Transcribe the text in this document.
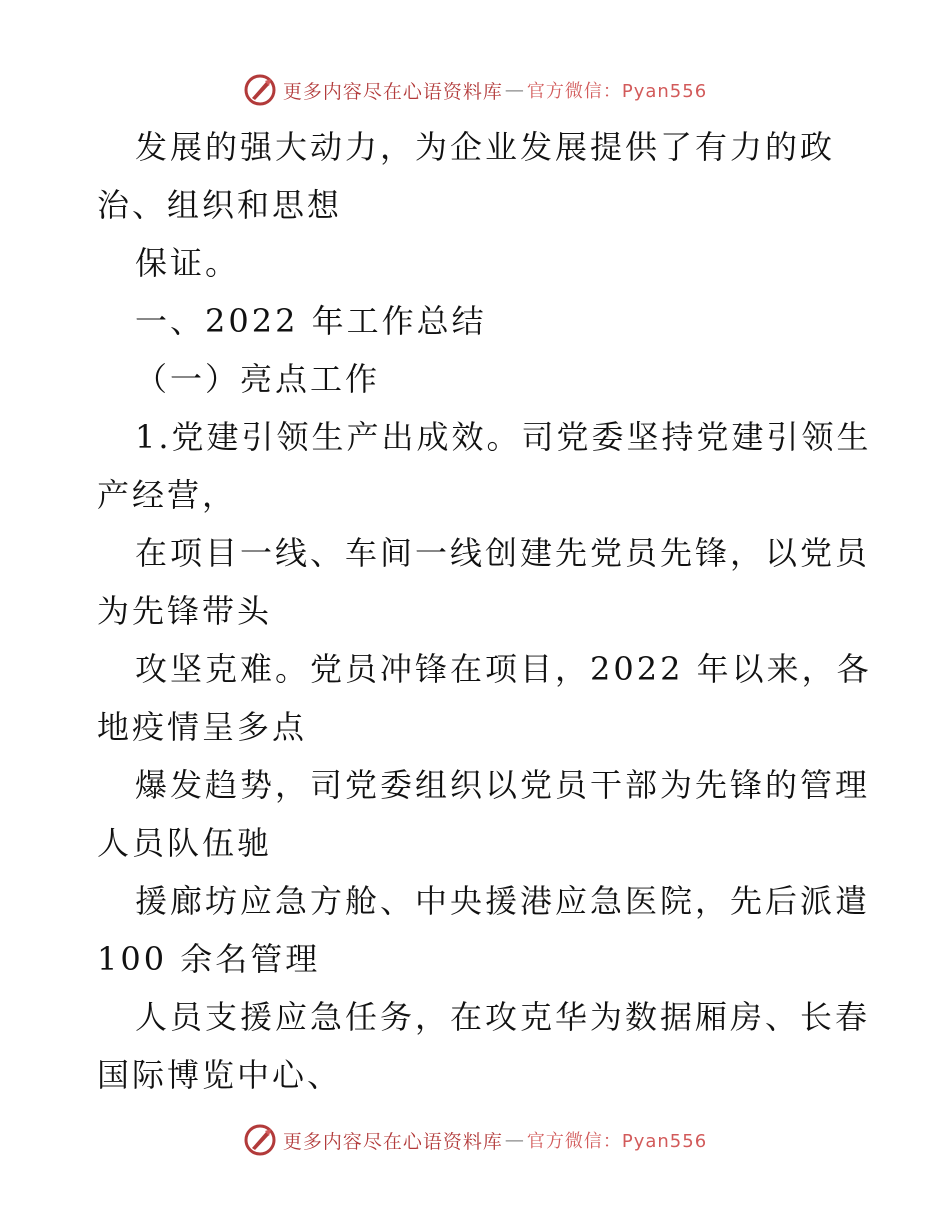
更多内容尽在心语资料库 — 官方微信：Pyan556
发展的强大动力，为企业发展提供了有力的政
治、组织和思想
保证。
一、2022 年工作总结
（一）亮点工作
1.党建引领生产出成效。司党委坚持党建引领生
产经营，
在项目一线、车间一线创建先党员先锋，以党员
为先锋带头
攻坚克难。党员冲锋在项目，2022 年以来，各
地疫情呈多点
爆发趋势，司党委组织以党员干部为先锋的管理
人员队伍驰
援廊坊应急方舱、中央援港应急医院，先后派遣
100 余名管理
人员支援应急任务，在攻克华为数据厢房、长春
国际博览中心、
更多内容尽在心语资料库 — 官方微信：Pyan556
